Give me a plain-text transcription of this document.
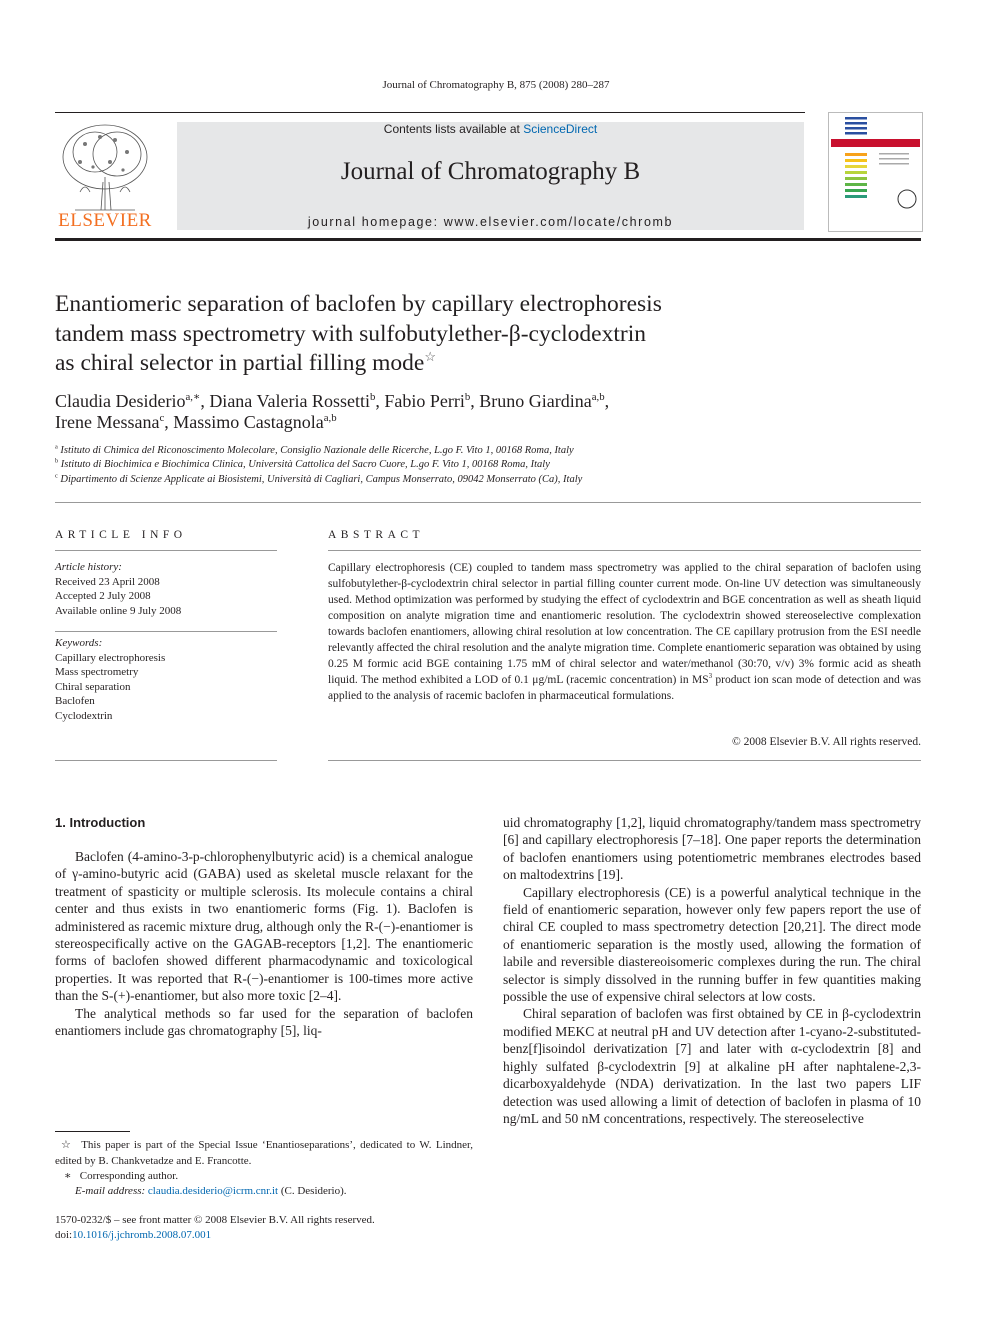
Journal of Chromatography B, 875 (2008) 280–287
ELSEVIER
Contents lists available at ScienceDirect
Journal of Chromatography B
journal homepage: www.elsevier.com/locate/chromb
Enantiomeric separation of baclofen by capillary electrophoresis
tandem mass spectrometry with sulfobutylether-β-cyclodextrin
as chiral selector in partial filling mode☆
Claudia Desiderio$^{a,∗}$, Diana Valeria Rossetti$^b$, Fabio Perri$^b$, Bruno Giardina$^{a,b}$,
Irene Messana$^c$, Massimo Castagnola$^{a,b}$
$^a$ Istituto di Chimica del Riconoscimento Molecolare, Consiglio Nazionale delle Ricerche, L.go F. Vito 1, 00168 Roma, Italy
$^b$ Istituto di Biochimica e Biochimica Clinica, Università Cattolica del Sacro Cuore, L.go F. Vito 1, 00168 Roma, Italy
$^c$ Dipartimento di Scienze Applicate ai Biosistemi, Università di Cagliari, Campus Monserrato, 09042 Monserrato (Ca), Italy
ARTICLE INFO
Article history:
Received 23 April 2008
Accepted 2 July 2008
Available online 9 July 2008
Keywords:
Capillary electrophoresis
Mass spectrometry
Chiral separation
Baclofen
Cyclodextrin
ABSTRACT
Capillary electrophoresis (CE) coupled to tandem mass spectrometry was applied to the chiral separation of baclofen using sulfobutylether-β-cyclodextrin chiral selector in partial filling counter current mode. On-line UV detection was simultaneously used. Method optimization was performed by studying the effect of cyclodextrin and BGE concentration as well as sheath liquid composition on analyte migration time and enantiomeric resolution. The cyclodextrin showed stereoselective complexation towards baclofen enantiomers, allowing chiral resolution at low concentration. The CE capillary protrusion from the ESI needle relevantly affected the chiral resolution and the analyte migration time. Complete enantiomeric separation was obtained by using 0.25 M formic acid BGE containing 1.75 mM of chiral selector and water/methanol (30:70, v/v) 3% formic acid as sheath liquid. The method exhibited a LOD of 0.1 μg/mL (racemic concentration) in $MS^3$ product ion scan mode of detection and was applied to the analysis of racemic baclofen in pharmaceutical formulations.
© 2008 Elsevier B.V. All rights reserved.
1. Introduction

Baclofen (4-amino-3-p-chlorophenylbutyric acid) is a chemical analogue of γ-amino-butyric acid (GABA) used as skeletal muscle relaxant for the treatment of spasticity or multiple sclerosis. Its molecule contains a chiral center and thus exists in two enantiomeric forms (Fig. 1). Baclofen is administered as racemic mixture drug, although only the R-(−)-enantiomer is stereospecifically active on the GAGAB-receptors [1,2]. The enantiomeric forms of baclofen showed different pharmacodynamic and toxicological properties. It was reported that R-(−)-enantiomer is 100-times more active than the S-(+)-enantiomer, but also more toxic [2–4].

The analytical methods so far used for the separation of baclofen enantiomers include gas chromatography [5], liq-

uid chromatography [1,2], liquid chromatography/tandem mass spectrometry [6] and capillary electrophoresis [7–18]. One paper reports the determination of baclofen enantiomers using potentiometric membranes electrodes based on maltodextrins [19].

Capillary electrophoresis (CE) is a powerful analytical technique in the field of enantiomeric separation, however only few papers report the use of chiral CE coupled to mass spectrometry detection [20,21]. The direct mode of enantiomeric separation is the mostly used, allowing the formation of labile and reversible diastereoisomeric complexes during the run. The chiral selector is simply dissolved in the running buffer in few quantities making possible the use of expensive chiral selectors at low costs.

Chiral separation of baclofen was first obtained by CE in β-cyclodextrin modified MEKC at neutral pH and UV detection after 1-cyano-2-substituted-benz[f]isoindol derivatization [7] and later with α-cyclodextrin [8] and highly sulfated β-cyclodextrin [9] at alkaline pH after naphtalene-2,3-dicarboxyaldehyde (NDA) derivatization. In the last two papers LIF detection was used allowing a limit of detection of baclofen in plasma of 10 ng/mL and 50 nM concentrations, respectively. The stereoselective

☆ This paper is part of the Special Issue ‘Enantioseparations’, dedicated to W. Lindner, edited by B. Chankvetadze and E. Francotte.
∗ Corresponding author.
E-mail address: claudia.desiderio@icrm.cnr.it (C. Desiderio).
1570-0232/$ – see front matter © 2008 Elsevier B.V. All rights reserved.
doi:10.1016/j.jchromb.2008.07.001
